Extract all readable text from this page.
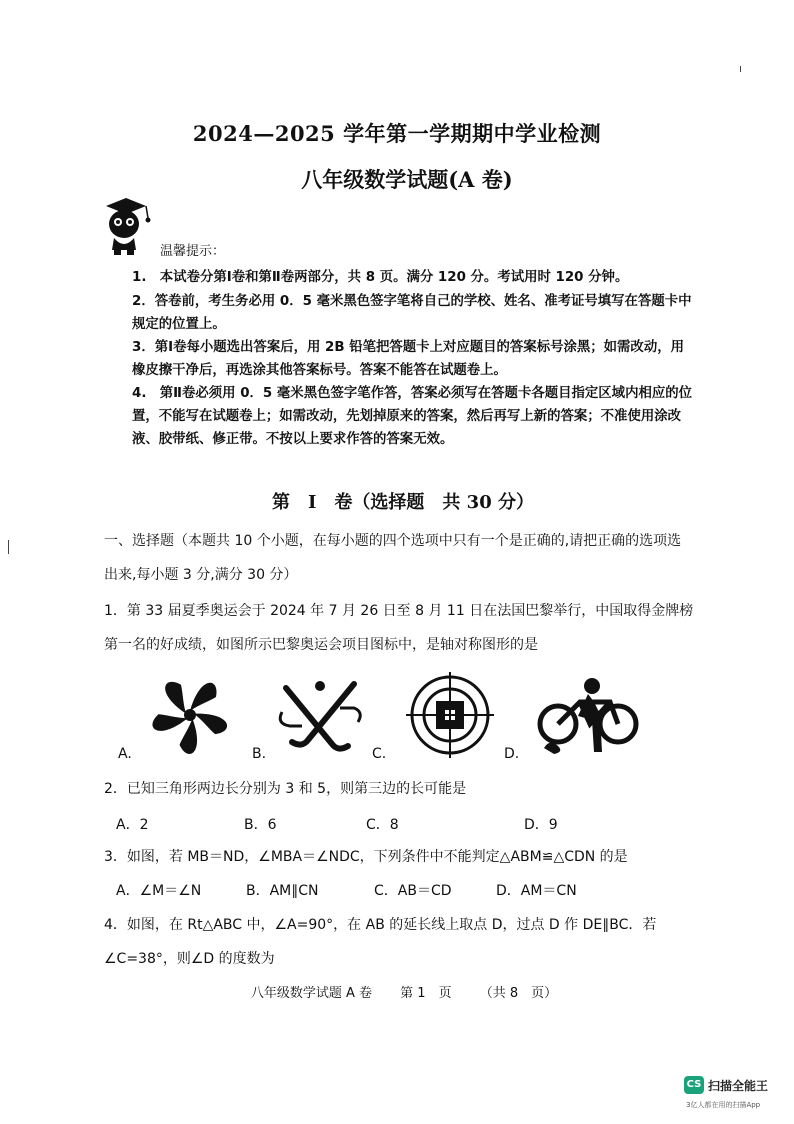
2024—2025 学年第一学期期中学业检测
八年级数学试题(A 卷)
温馨提示：
1.　本试卷分第Ⅰ卷和第Ⅱ卷两部分，共 8 页。满分 120 分。考试用时 120 分钟。
2．答卷前，考生务必用 0．5 毫米黑色签字笔将自己的学校、姓名、准考证号填写在答题卡中规定的位置上。
3．第Ⅰ卷每小题选出答案后，用 2B 铅笔把答题卡上对应题目的答案标号涂黑；如需改动，用橡皮擦干净后，再选涂其他答案标号。答案不能答在试题卷上。
4.　第Ⅱ卷必须用 0．5 毫米黑色签字笔作答，答案必须写在答题卡各题目指定区域内相应的位置，不能写在试题卷上；如需改动，先划掉原来的答案，然后再写上新的答案；不准使用涂改液、胶带纸、修正带。不按以上要求作答的答案无效。
第　I　卷（选择题　共 30 分）
一、选择题（本题共 10 个小题，在每小题的四个选项中只有一个是正确的,请把正确的选项选出来,每小题 3 分,满分 30 分）
1．第 33 届夏季奥运会于 2024 年 7 月 26 日至 8 月 11 日在法国巴黎举行，中国取得金牌榜第一名的好成绩，如图所示巴黎奥运会项目图标中，是轴对称图形的是
A.	B.	C.	D.
2．已知三角形两边长分别为 3 和 5，则第三边的长可能是
A．2	B．6	C．8	D．9
3．如图，若 MB＝ND，∠MBA＝∠NDC，下列条件中不能判定△ABM≌△CDN 的是
A．∠M＝∠N	B．AM∥CN	C．AB＝CD	D．AM＝CN
4．如图，在 Rt△ABC 中，∠A=90°，在 AB 的延长线上取点 D，过点 D 作 DE∥BC．若∠C=38°，则∠D 的度数为
八年级数学试题 A 卷 第 1　页 （共 8　页）
CS 扫描全能王
3亿人都在用的扫描App
